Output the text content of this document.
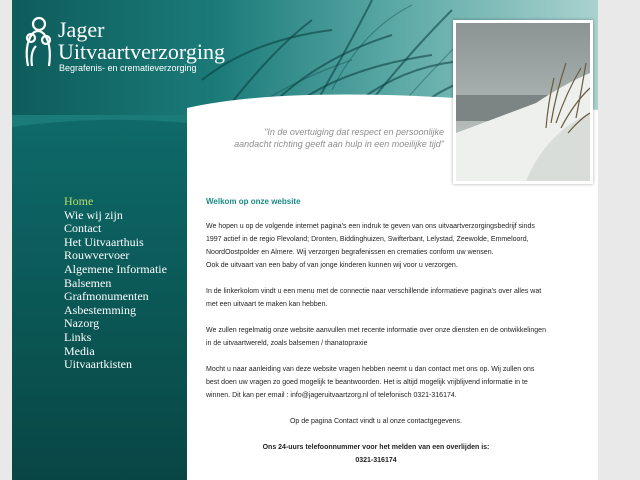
Jager
Uitvaartverzorging
Begrafenis- en crematieverzorging
"In de overtuiging dat respect en persoonlijke
aandacht richting geeft aan hulp in een moeilijke tijd"
Home
Wie wij zijn
Contact
Het Uitvaarthuis
Rouwvervoer
Algemene Informatie
Balsemen
Grafmonumenten
Asbestemming
Nazorg
Links
Media
Uitvaartkisten
Welkom op onze website

We hopen u op de volgende internet pagina's een indruk te geven van ons uitvaartverzorgingsbedrijf sinds 1997 actief in de regio Flevoland; Dronten, Biddinghuizen, Swifterbant, Lelystad, Zeewolde, Emmeloord, NoordOostpolder en Almere. Wij verzorgen begrafenissen en crematies conform uw wensen.
Ook de uitvaart van een baby of van jonge kinderen kunnen wij voor u verzorgen.

In de linkerkolom vindt u een menu met de connectie naar verschillende informatieve pagina's over alles wat met een uitvaart te maken kan hebben.

We zullen regelmatig onze website aanvullen met recente informatie over onze diensten en de ontwikkelingen in de uitvaartwereld, zoals balsemen / thanatopraxie

Mocht u naar aanleiding van deze website vragen hebben neemt u dan contact met ons op. Wij zullen ons best doen uw vragen zo goed mogelijk te beantwoorden. Het is altijd mogelijk vrijblijvend informatie in te winnen. Dit kan per email : info@jageruitvaartzorg.nl of telefonisch 0321-316174.

Op de pagina Contact vindt u al onze contactgegevens.

Ons 24-uurs telefoonnummer voor het melden van een overlijden is:

0321-316174
